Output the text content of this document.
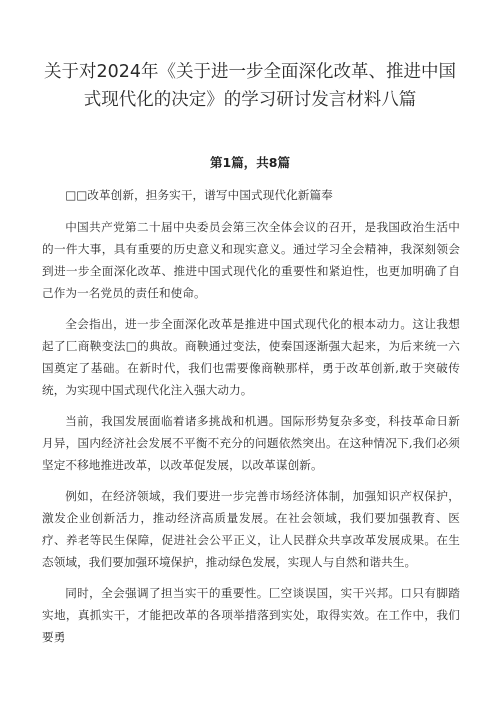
关于对2024年《关于进一步全面深化改革、推进中国式现代化的决定》的学习研讨发言材料八篇
第1篇，共8篇

□□改革创新，担务实干，谱写中国式现代化新篇奉

中国共产党第二十届中央委员会第三次全体会议的召开，是我国政治生活中的一件大事，具有重要的历史意义和现实意义。通过学习全会精神，我深刻领会到进一步全面深化改革、推进中国式现代化的重要性和紧迫性，也更加明确了自己作为一名党员的责任和使命。

全会指出，进一步全面深化改革是推进中国式现代化的根本动力。这让我想起了匚商鞅变法□的典故。商鞅通过变法，使秦国逐渐强大起来，为后来统一六国奠定了基础。在新时代，我们也需要像商鞅那样，勇于改革创新,敢于突破传统，为实现中国式现代化注入强大动力。

当前，我国发展面临着诸多挑战和机遇。国际形势复杂多变，科技革命日新月异，国内经济社会发展不平衡不充分的问题依然突出。在这种情况下,我们必须坚定不移地推进改革，以改革促发展，以改革谋创新。

例如，在经济领域，我们要进一步完善市场经济体制，加强知识产权保护，激发企业创新活力，推动经济高质量发展。在社会领域，我们要加强教育、医疗、养老等民生保障，促进社会公平正义，让人民群众共享改革发展成果。在生态领域，我们要加强环境保护，推动绿色发展，实现人与自然和谐共生。

同时，全会强调了担当实干的重要性。匚空谈误国，实干兴邦。口只有脚踏实地，真抓实干，才能把改革的各项举措落到实处，取得实效。在工作中，我们要勇
